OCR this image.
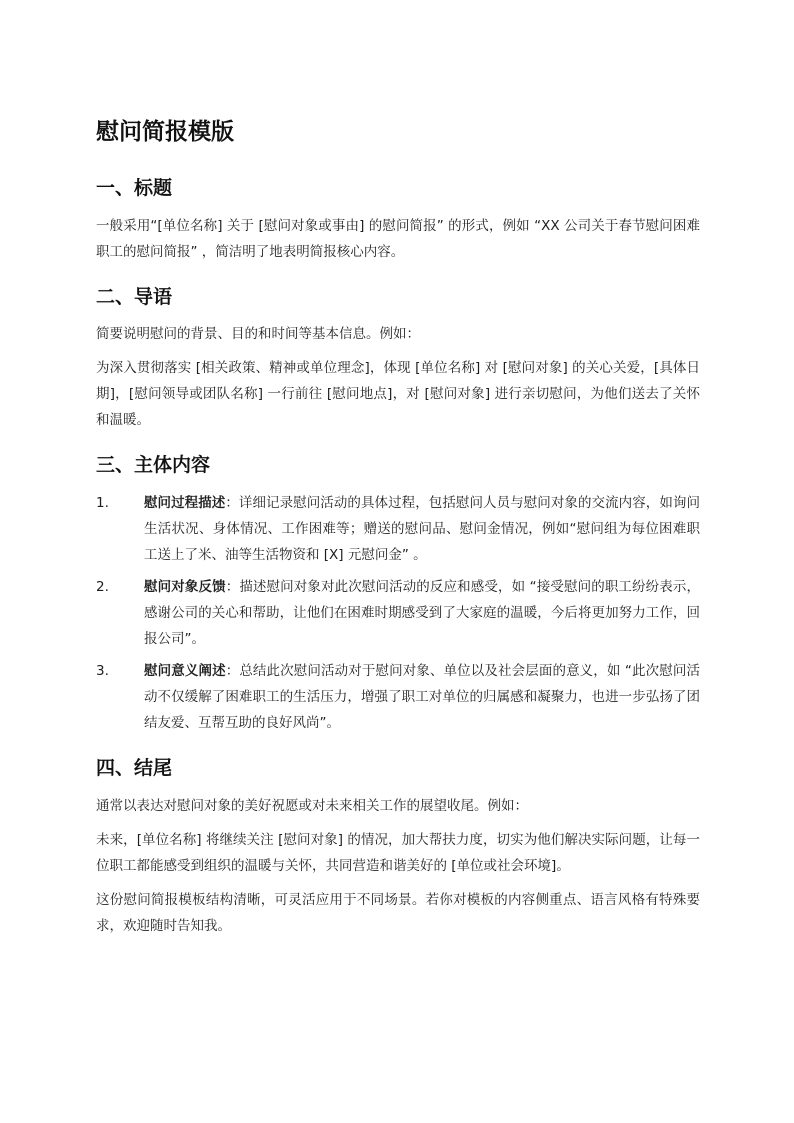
慰问简报模版
一、标题

一般采用“[单位名称] 关于 [慰问对象或事由] 的慰问简报” 的形式，例如 “XX 公司关于春节慰问困难职工的慰问简报” ，简洁明了地表明简报核心内容。

二、导语

简要说明慰问的背景、目的和时间等基本信息。例如：

为深入贯彻落实 [相关政策、精神或单位理念]，体现 [单位名称] 对 [慰问对象] 的关心关爱，[具体日期]，[慰问领导或团队名称] 一行前往 [慰问地点]，对 [慰问对象] 进行亲切慰问，为他们送去了关怀和温暖。

三、主体内容
1.	慰问过程描述：详细记录慰问活动的具体过程，包括慰问人员与慰问对象的交流内容，如询问生活状况、身体情况、工作困难等；赠送的慰问品、慰问金情况，例如“慰问组为每位困难职工送上了米、油等生活物资和 [X] 元慰问金” 。
2.	慰问对象反馈：描述慰问对象对此次慰问活动的反应和感受，如 “接受慰问的职工纷纷表示，感谢公司的关心和帮助，让他们在困难时期感受到了大家庭的温暖，今后将更加努力工作，回报公司”。
3.	慰问意义阐述：总结此次慰问活动对于慰问对象、单位以及社会层面的意义，如 “此次慰问活动不仅缓解了困难职工的生活压力，增强了职工对单位的归属感和凝聚力，也进一步弘扬了团结友爱、互帮互助的良好风尚”。
四、结尾

通常以表达对慰问对象的美好祝愿或对未来相关工作的展望收尾。例如：

未来，[单位名称] 将继续关注 [慰问对象] 的情况，加大帮扶力度，切实为他们解决实际问题，让每一位职工都能感受到组织的温暖与关怀，共同营造和谐美好的 [单位或社会环境]。

这份慰问简报模板结构清晰，可灵活应用于不同场景。若你对模板的内容侧重点、语言风格有特殊要求，欢迎随时告知我。
